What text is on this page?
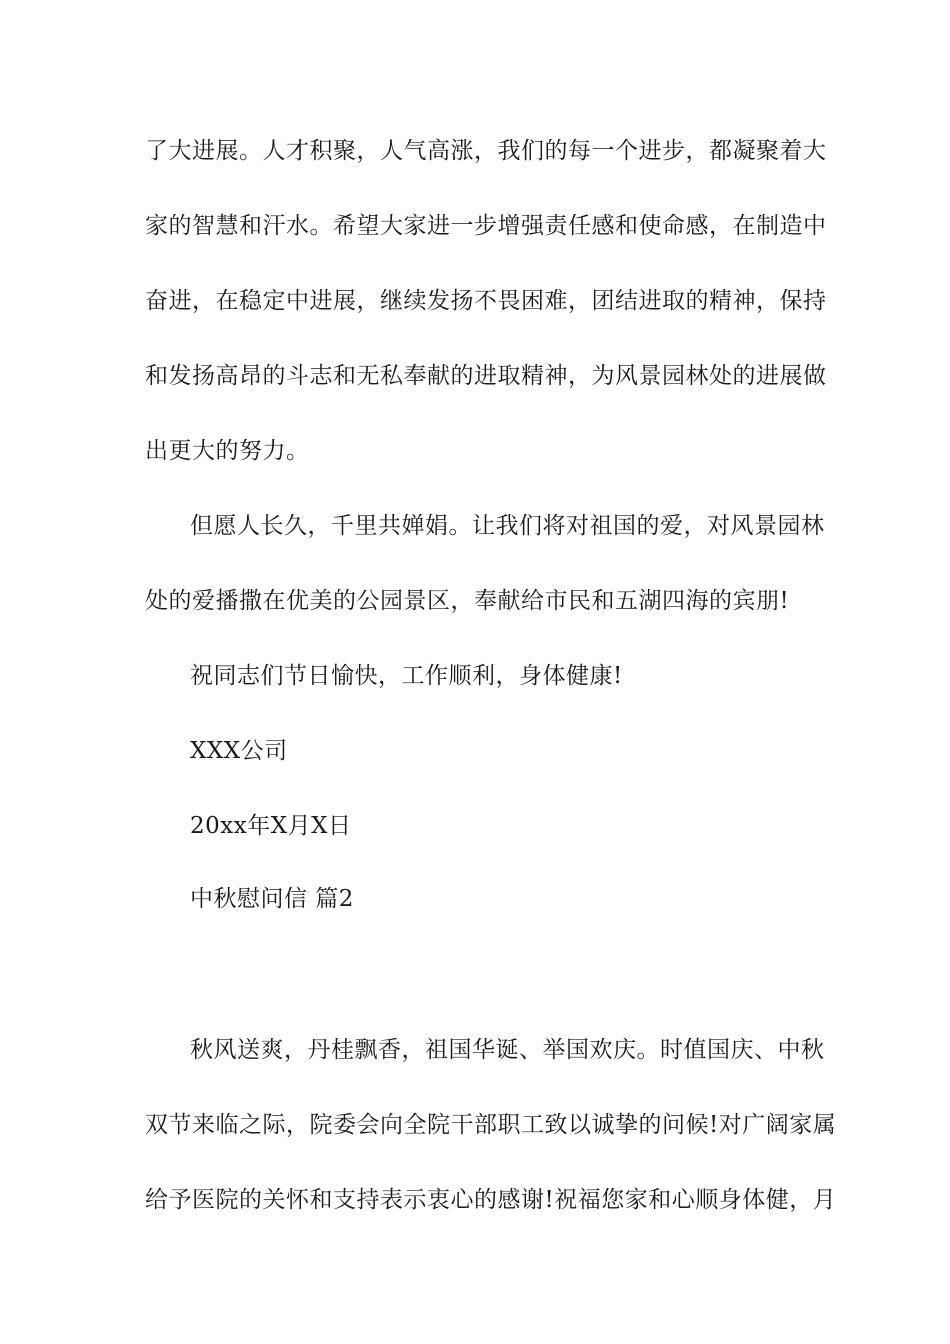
了大进展。人才积聚，人气高涨，我们的每一个进步，都凝聚着大
家的智慧和汗水。希望大家进一步增强责任感和使命感，在制造中
奋进，在稳定中进展，继续发扬不畏困难，团结进取的精神，保持
和发扬高昂的斗志和无私奉献的进取精神，为风景园林处的进展做
出更大的努力。
但愿人长久，千里共婵娟。让我们将对祖国的爱，对风景园林
处的爱播撒在优美的公园景区，奉献给市民和五湖四海的宾朋!
祝同志们节日愉快，工作顺利，身体健康!
XXX公司
20xx年X月X日
中秋慰问信 篇2
秋风送爽，丹桂飘香，祖国华诞、举国欢庆。时值国庆、中秋
双节来临之际，院委会向全院干部职工致以诚挚的问候!对广阔家属
给予医院的关怀和支持表示衷心的感谢!祝福您家和心顺身体健，月
